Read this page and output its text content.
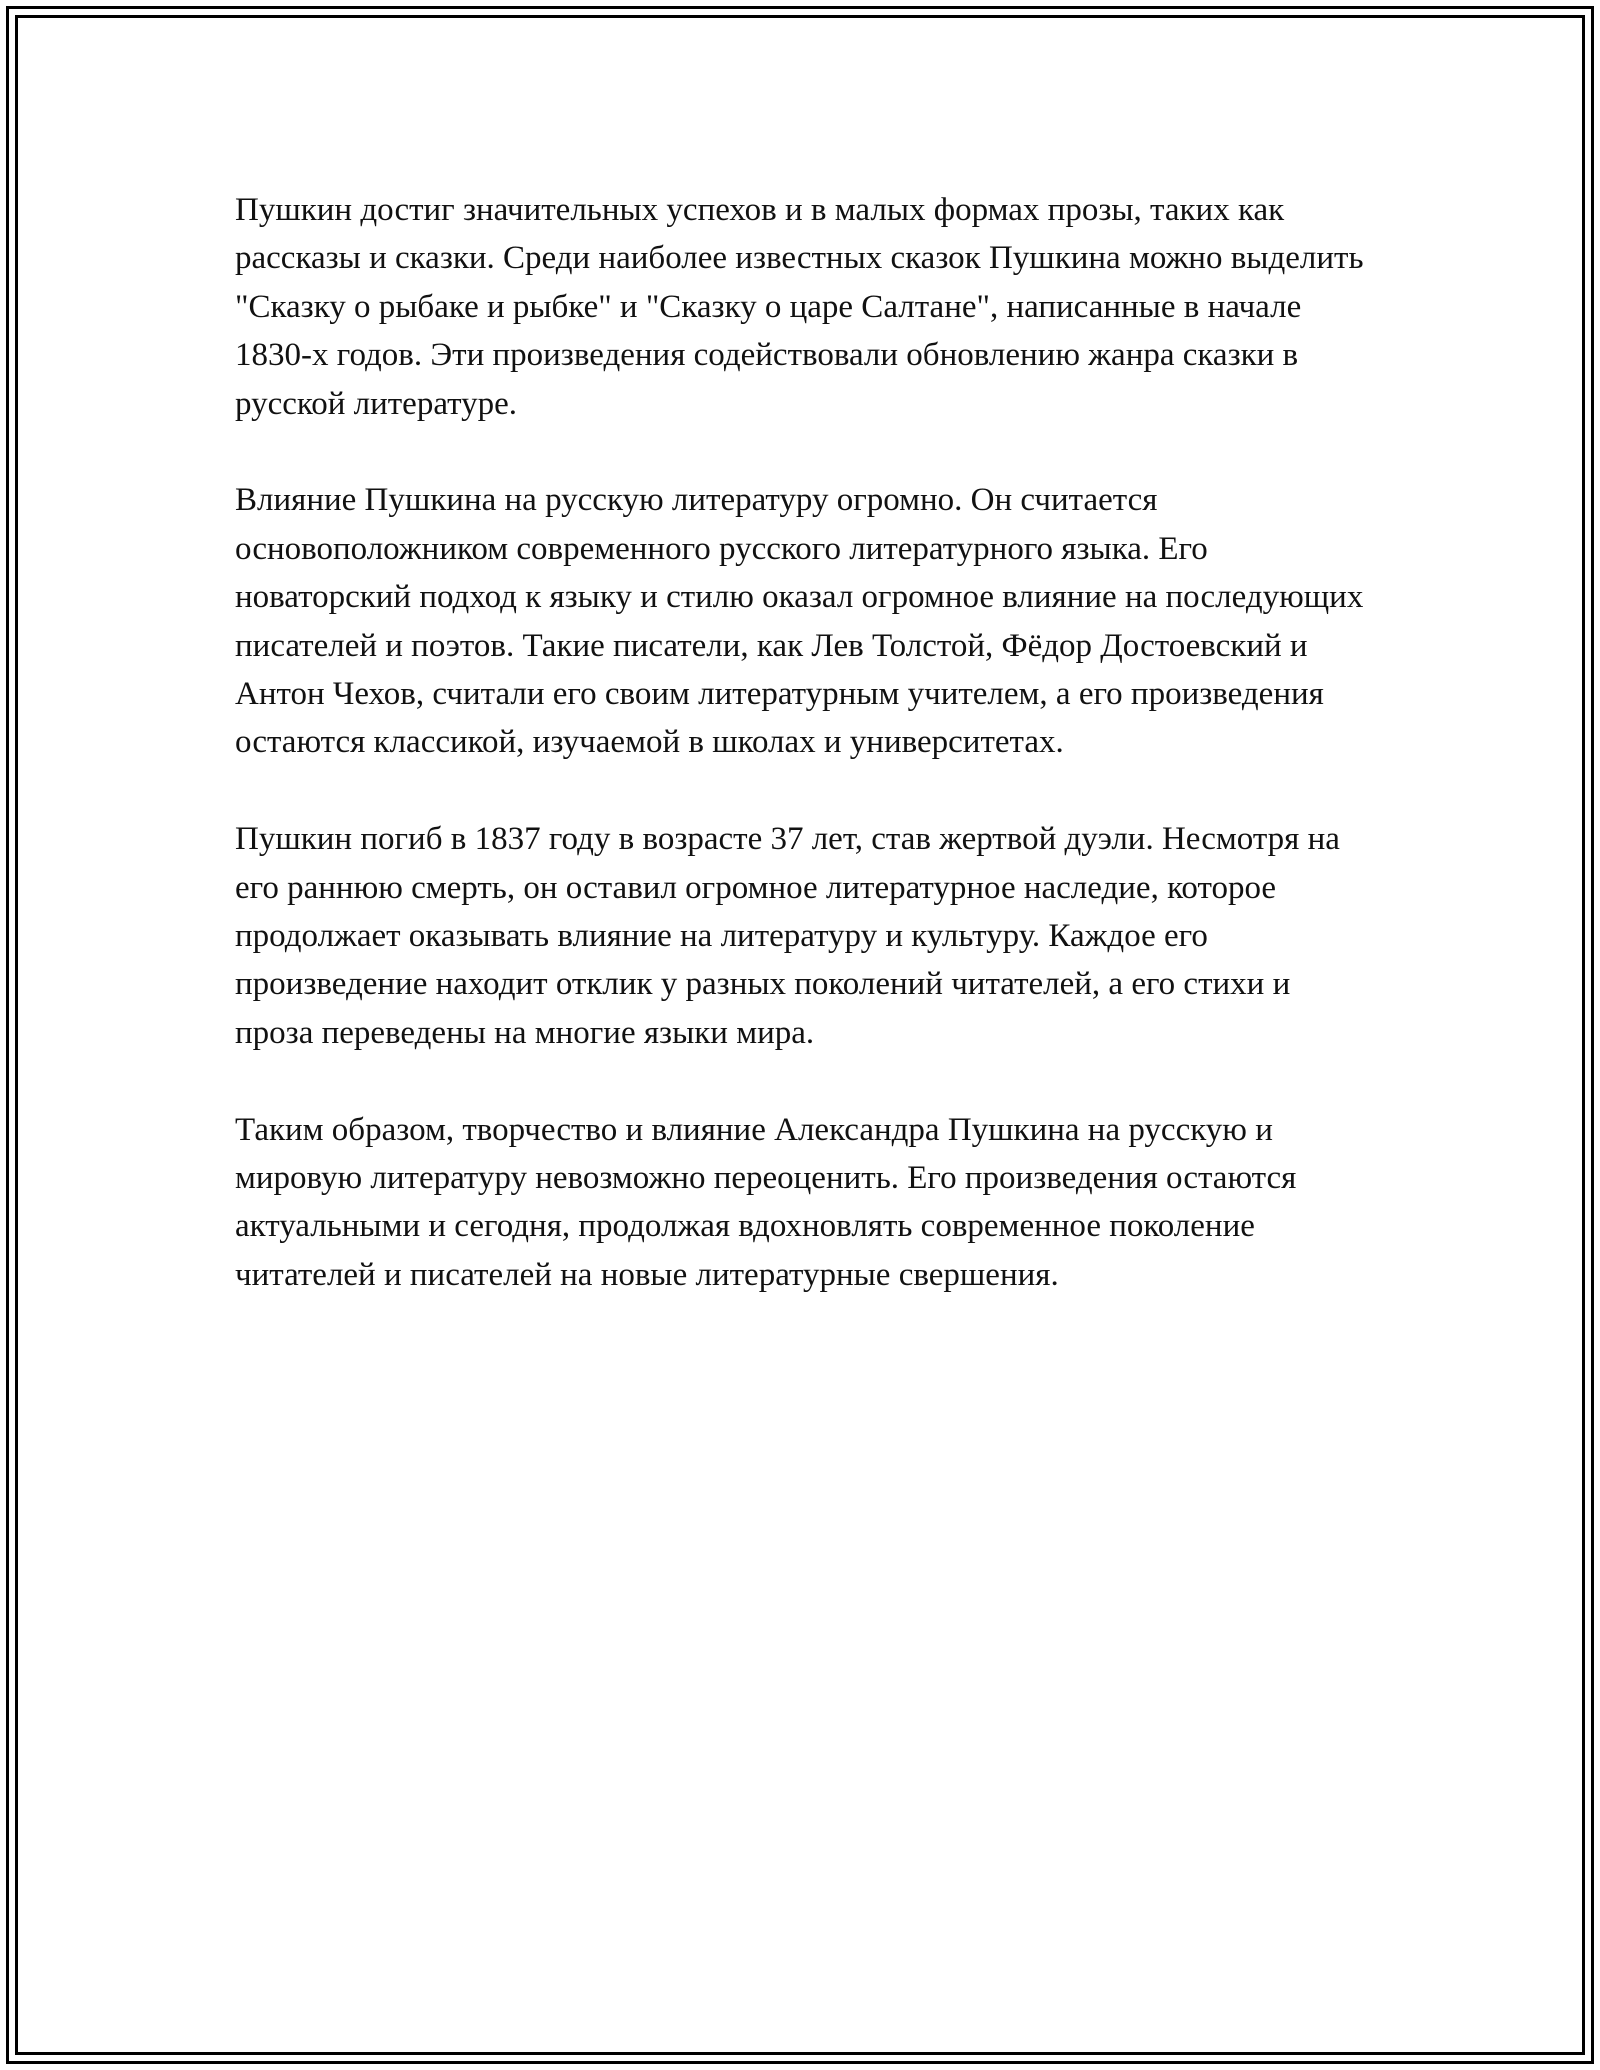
Пушкин достиг значительных успехов и в малых формах прозы, таких как рассказы и сказки. Среди наиболее известных сказок Пушкина можно выделить "Сказку о рыбаке и рыбке" и "Сказку о царе Салтане", написанные в начале 1830-х годов. Эти произведения содействовали обновлению жанра сказки в русской литературе.

Влияние Пушкина на русскую литературу огромно. Он считается основоположником современного русского литературного языка. Его новаторский подход к языку и стилю оказал огромное влияние на последующих писателей и поэтов. Такие писатели, как Лев Толстой, Фёдор Достоевский и Антон Чехов, считали его своим литературным учителем, а его произведения остаются классикой, изучаемой в школах и университетах.

Пушкин погиб в 1837 году в возрасте 37 лет, став жертвой дуэли. Несмотря на его раннюю смерть, он оставил огромное литературное наследие, которое продолжает оказывать влияние на литературу и культуру. Каждое его произведение находит отклик у разных поколений читателей, а его стихи и проза переведены на многие языки мира.

Таким образом, творчество и влияние Александра Пушкина на русскую и мировую литературу невозможно переоценить. Его произведения остаются актуальными и сегодня, продолжая вдохновлять современное поколение читателей и писателей на новые литературные свершения.
